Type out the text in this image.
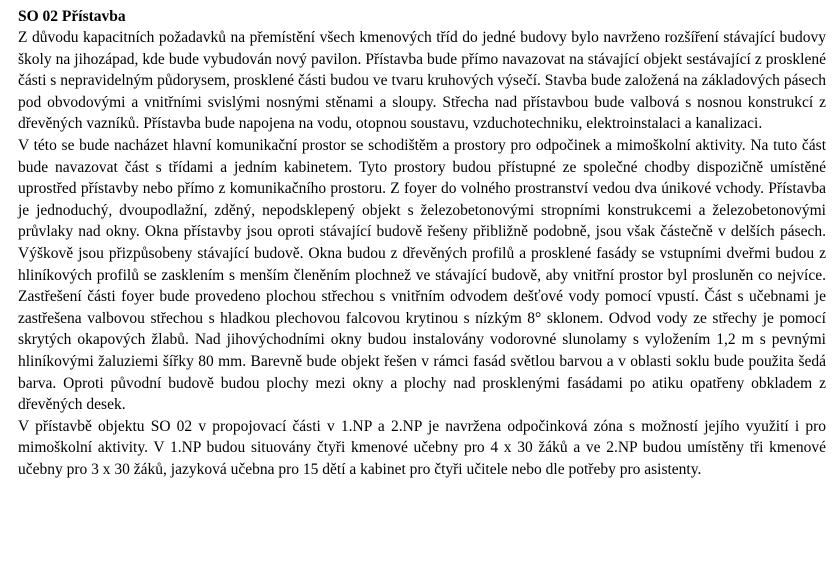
SO 02 Přístavba

Z důvodu kapacitních požadavků na přemístění všech kmenových tříd do jedné budovy bylo navrženo rozšíření stávající budovy školy na jihozápad, kde bude vybudován nový pavilon. Přístavba bude přímo navazovat na stávající objekt sestávající z prosklené části s nepravidelným půdorysem, prosklené části budou ve tvaru kruhových výsečí. Stavba bude založená na základových pásech pod obvodovými a vnitřními svislými nosnými stěnami a sloupy. Střecha nad přístavbou bude valbová s nosnou konstrukcí z dřevěných vazníků. Přístavba bude napojena na vodu, otopnou soustavu, vzduchotechniku, elektroinstalaci a kanalizaci.

V této se bude nacházet hlavní komunikační prostor se schodištěm a prostory pro odpočinek a mimoškolní aktivity. Na tuto část bude navazovat část s třídami a jedním kabinetem. Tyto prostory budou přístupné ze společné chodby dispozičně umístěné uprostřed přístavby nebo přímo z komunikačního prostoru. Z foyer do volného prostranství vedou dva únikové vchody. Přístavba je jednoduchý, dvoupodlažní, zděný, nepodsklepený objekt s železobetonovými stropními konstrukcemi a železobetonovými průvlaky nad okny. Okna přístavby jsou oproti stávající budově řešeny přibližně podobně, jsou však částečně v delších pásech. Výškově jsou přizpůsobeny stávající budově. Okna budou z dřevěných profilů a prosklené fasády se vstupními dveřmi budou z hliníkových profilů se zasklením s menším členěním plochnež ve stávající budově, aby vnitřní prostor byl prosluněn co nejvíce. Zastřešení části foyer bude provedeno plochou střechou s vnitřním odvodem dešťové vody pomocí vpustí. Část s učebnami je zastřešena valbovou střechou s hladkou plechovou falcovou krytinou s nízkým 8° sklonem. Odvod vody ze střechy je pomocí skrytých okapových žlabů. Nad jihovýchodními okny budou instalovány vodorovné slunolamy s vyložením 1,2 m s pevnými hliníkovými žaluziemi šířky 80 mm. Barevně bude objekt řešen v rámci fasád světlou barvou a v oblasti soklu bude použita šedá barva. Oproti původní budově budou plochy mezi okny a plochy nad prosklenými fasádami po atiku opatřeny obkladem z dřevěných desek.

V přístavbě objektu SO 02 v propojovací části v 1.NP a 2.NP je navržena odpočinková zóna s možností jejího využití i pro mimoškolní aktivity. V 1.NP budou situovány čtyři kmenové učebny pro 4 x 30 žáků a ve 2.NP budou umístěny tři kmenové učebny pro 3 x 30 žáků, jazyková učebna pro 15 dětí a kabinet pro čtyři učitele nebo dle potřeby pro asistenty.
